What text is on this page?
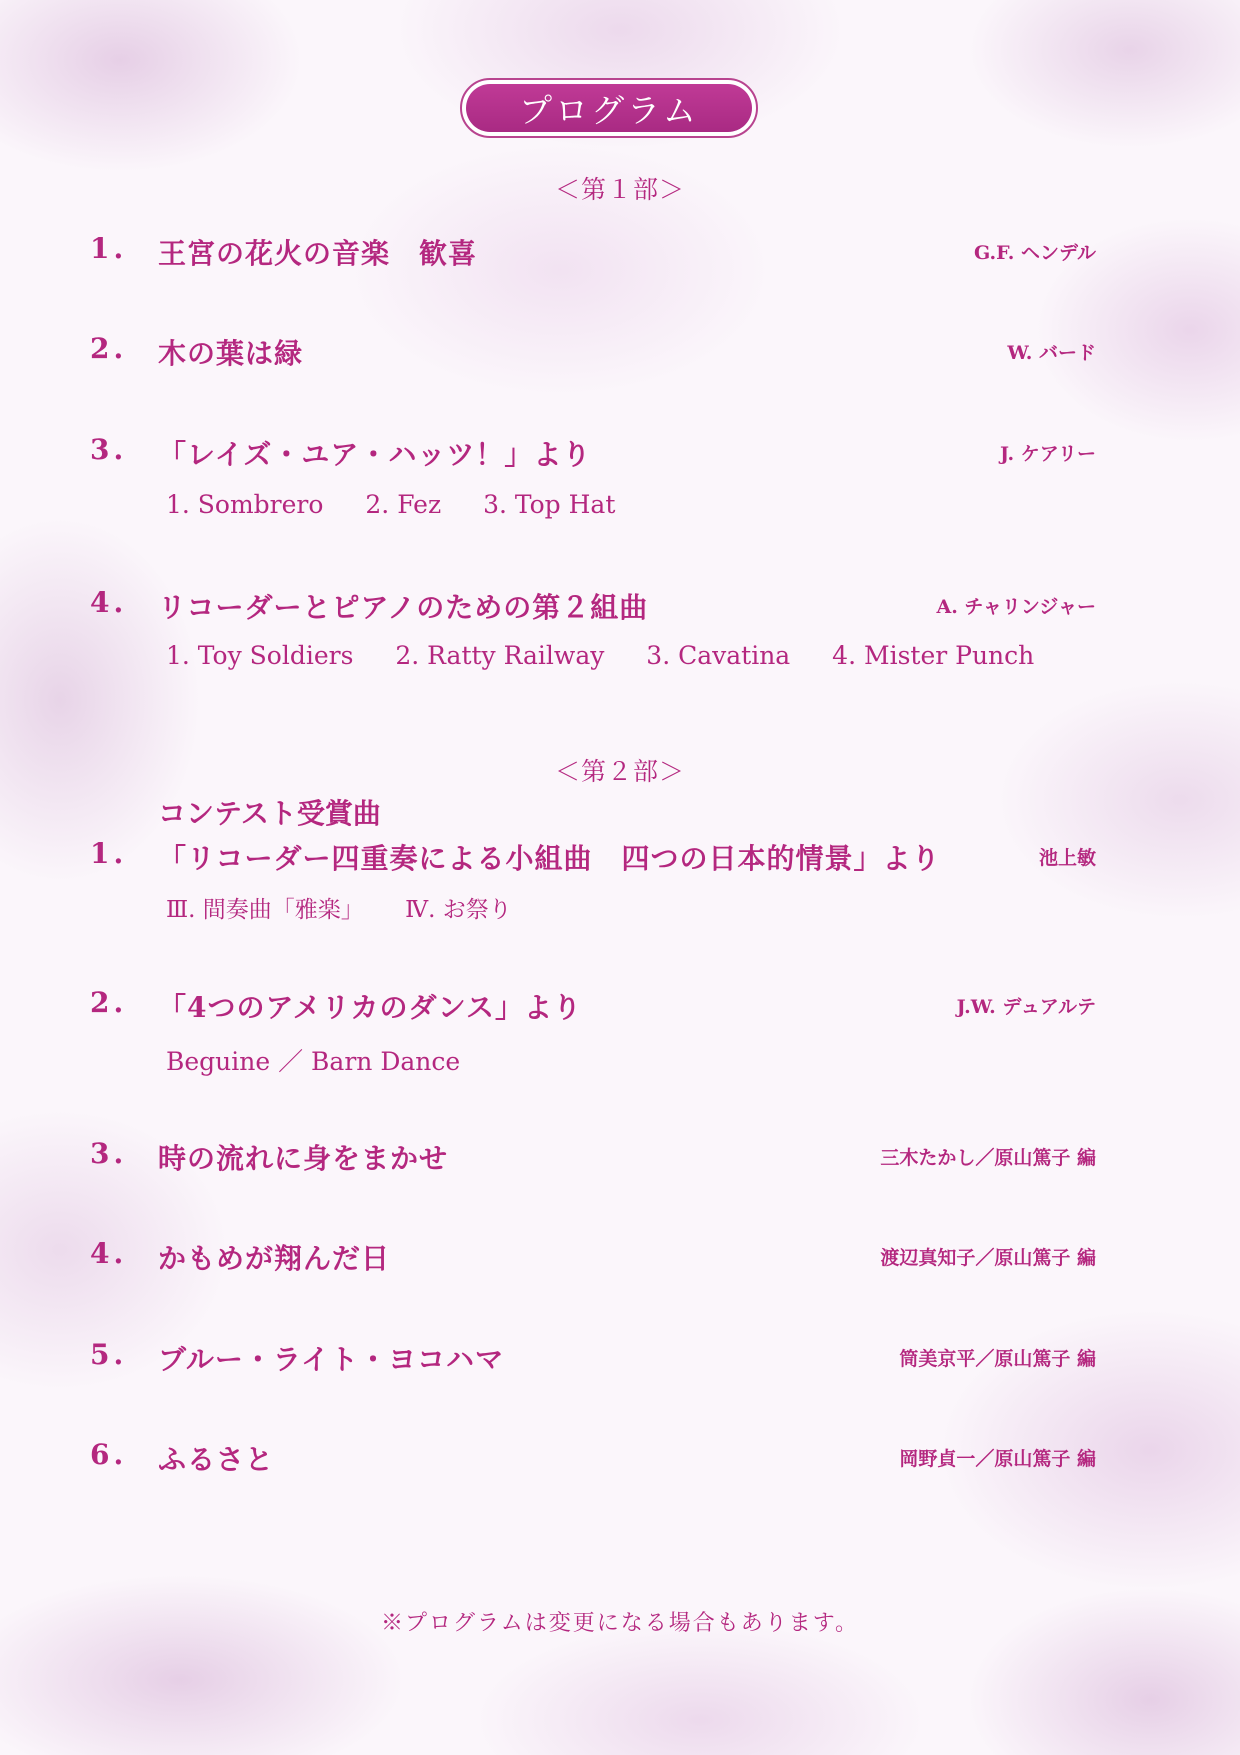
プログラム
＜第１部＞
1. 王宮の花火の音楽　歓喜	G.F. ヘンデル
2. 木の葉は緑	W. バード
3. 「レイズ・ユア・ハッツ！」より	J. ケアリー
1. Sombrero 2. Fez 3. Top Hat
4. リコーダーとピアノのための第２組曲	A. チャリンジャー
1. Toy Soldiers 2. Ratty Railway 3. Cavatina 4. Mister Punch
＜第２部＞
コンテスト受賞曲
1. 「リコーダー四重奏による小組曲　四つの日本的情景」より	池上敏
Ⅲ. 間奏曲「雅楽」 Ⅳ. お祭り
2. 「4つのアメリカのダンス」より	J.W. デュアルテ
Beguine ／ Barn Dance
3. 時の流れに身をまかせ	三木たかし／原山篤子 編
4. かもめが翔んだ日	渡辺真知子／原山篤子 編
5. ブルー・ライト・ヨコハマ	筒美京平／原山篤子 編
6. ふるさと	岡野貞一／原山篤子 編
※プログラムは変更になる場合もあります。
